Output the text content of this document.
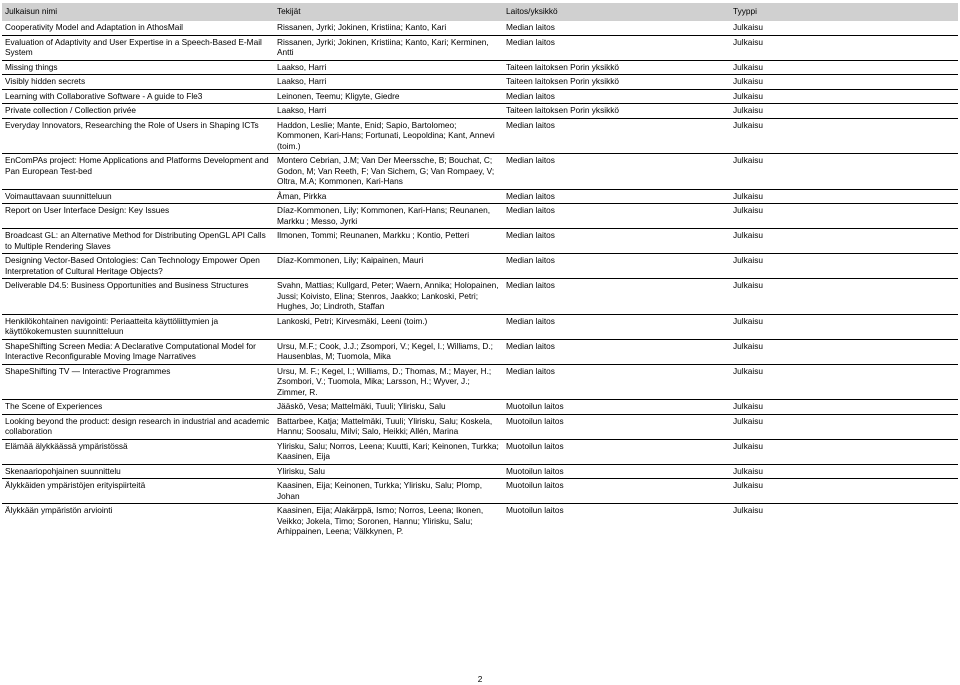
Julkaisun nimi	Tekijät	Laitos/yksikkö	Tyyppi
Cooperativity Model and Adaptation in AthosMail	Rissanen, Jyrki; Jokinen, Kristiina; Kanto, Kari	Median laitos	Julkaisu
Evaluation of Adaptivity and User Expertise in a Speech-Based E-Mail System	Rissanen, Jyrki; Jokinen, Kristiina; Kanto, Kari; Kerminen, Antti	Median laitos	Julkaisu
Missing things	Laakso, Harri	Taiteen laitoksen Porin yksikkö	Julkaisu
Visibly hidden secrets	Laakso, Harri	Taiteen laitoksen Porin yksikkö	Julkaisu
Learning with Collaborative Software - A guide to Fle3	Leinonen, Teemu; Kligyte, Giedre	Median laitos	Julkaisu
Private collection / Collection privée	Laakso, Harri	Taiteen laitoksen Porin yksikkö	Julkaisu
Everyday Innovators, Researching the Role of Users in Shaping ICTs	Haddon, Leslie; Mante, Enid; Sapio, Bartolomeo; Kommonen, Kari-Hans; Fortunati, Leopoldina; Kant, Annevi (toim.)	Median laitos	Julkaisu
EnComPAs project: Home Applications and Platforms Development and Pan European Test-bed	Montero Cebrian, J.M; Van Der Meerssche, B; Bouchat, C; Godon, M; Van Reeth, F; Van Sichem, G; Van Rompaey, V; Oltra, M.A; Kommonen, Kari-Hans	Median laitos	Julkaisu
Voimauttavaan suunnitteluun	Åman, Pirkka	Median laitos	Julkaisu
Report on User Interface Design: Key Issues	Díaz-Kommonen, Lily; Kommonen, Kari-Hans; Reunanen, Markku ; Messo, Jyrki	Median laitos	Julkaisu
Broadcast GL: an Alternative Method for Distributing OpenGL API Calls to Multiple Rendering Slaves	Ilmonen, Tommi; Reunanen, Markku ; Kontio, Petteri	Median laitos	Julkaisu
Designing Vector-Based Ontologies: Can Technology Empower Open Interpretation of Cultural Heritage Objects?	Díaz-Kommonen, Lily; Kaipainen, Mauri	Median laitos	Julkaisu
Deliverable D4.5: Business Opportunities and Business Structures	Svahn, Mattias; Kullgard, Peter; Waern, Annika; Holopainen, Jussi; Koivisto, Elina; Stenros, Jaakko; Lankoski, Petri; Hughes, Jo; Lindroth, Staffan	Median laitos	Julkaisu
Henkilökohtainen navigointi: Periaatteita käyttöliittymien ja käyttökokemusten suunnitteluun	Lankoski, Petri; Kirvesmäki, Leeni (toim.)	Median laitos	Julkaisu
ShapeShifting Screen Media: A Declarative Computational Model for Interactive Reconfigurable Moving Image Narratives	Ursu, M.F.; Cook, J.J.; Zsompori, V.; Kegel, I.; Williams, D.; Hausenblas, M; Tuomola, Mika	Median laitos	Julkaisu
ShapeShifting TV — Interactive Programmes	Ursu, M. F.; Kegel, I.; Williams, D.; Thomas, M.; Mayer, H.; Zsombori, V.; Tuomola, Mika; Larsson, H.; Wyver, J.; Zimmer, R.	Median laitos	Julkaisu
The Scene of Experiences	Jääskö, Vesa; Mattelmäki, Tuuli; Ylirisku, Salu	Muotoilun laitos	Julkaisu
Looking beyond the product: design research in industrial and academic collaboration	Battarbee, Katja; Mattelmäki, Tuuli; Ylirisku, Salu; Koskela, Hannu; Soosalu, Milvi; Salo, Heikki; Allén, Marina	Muotoilun laitos	Julkaisu
Elämää älykkäässä ympäristössä	Ylirisku, Salu; Norros, Leena; Kuutti, Kari; Keinonen, Turkka; Kaasinen, Eija	Muotoilun laitos	Julkaisu
Skenaariopohjainen suunnittelu	Ylirisku, Salu	Muotoilun laitos	Julkaisu
Älykkäiden ympäristöjen erityispiirteitä	Kaasinen, Eija; Keinonen, Turkka; Ylirisku, Salu; Plomp, Johan	Muotoilun laitos	Julkaisu
Älykkään ympäristön arviointi	Kaasinen, Eija; Alakärppä, Ismo; Norros, Leena; Ikonen, Veikko; Jokela, Timo; Soronen, Hannu; Ylirisku, Salu; Arhippainen, Leena; Välkkynen, P.	Muotoilun laitos	Julkaisu
2
